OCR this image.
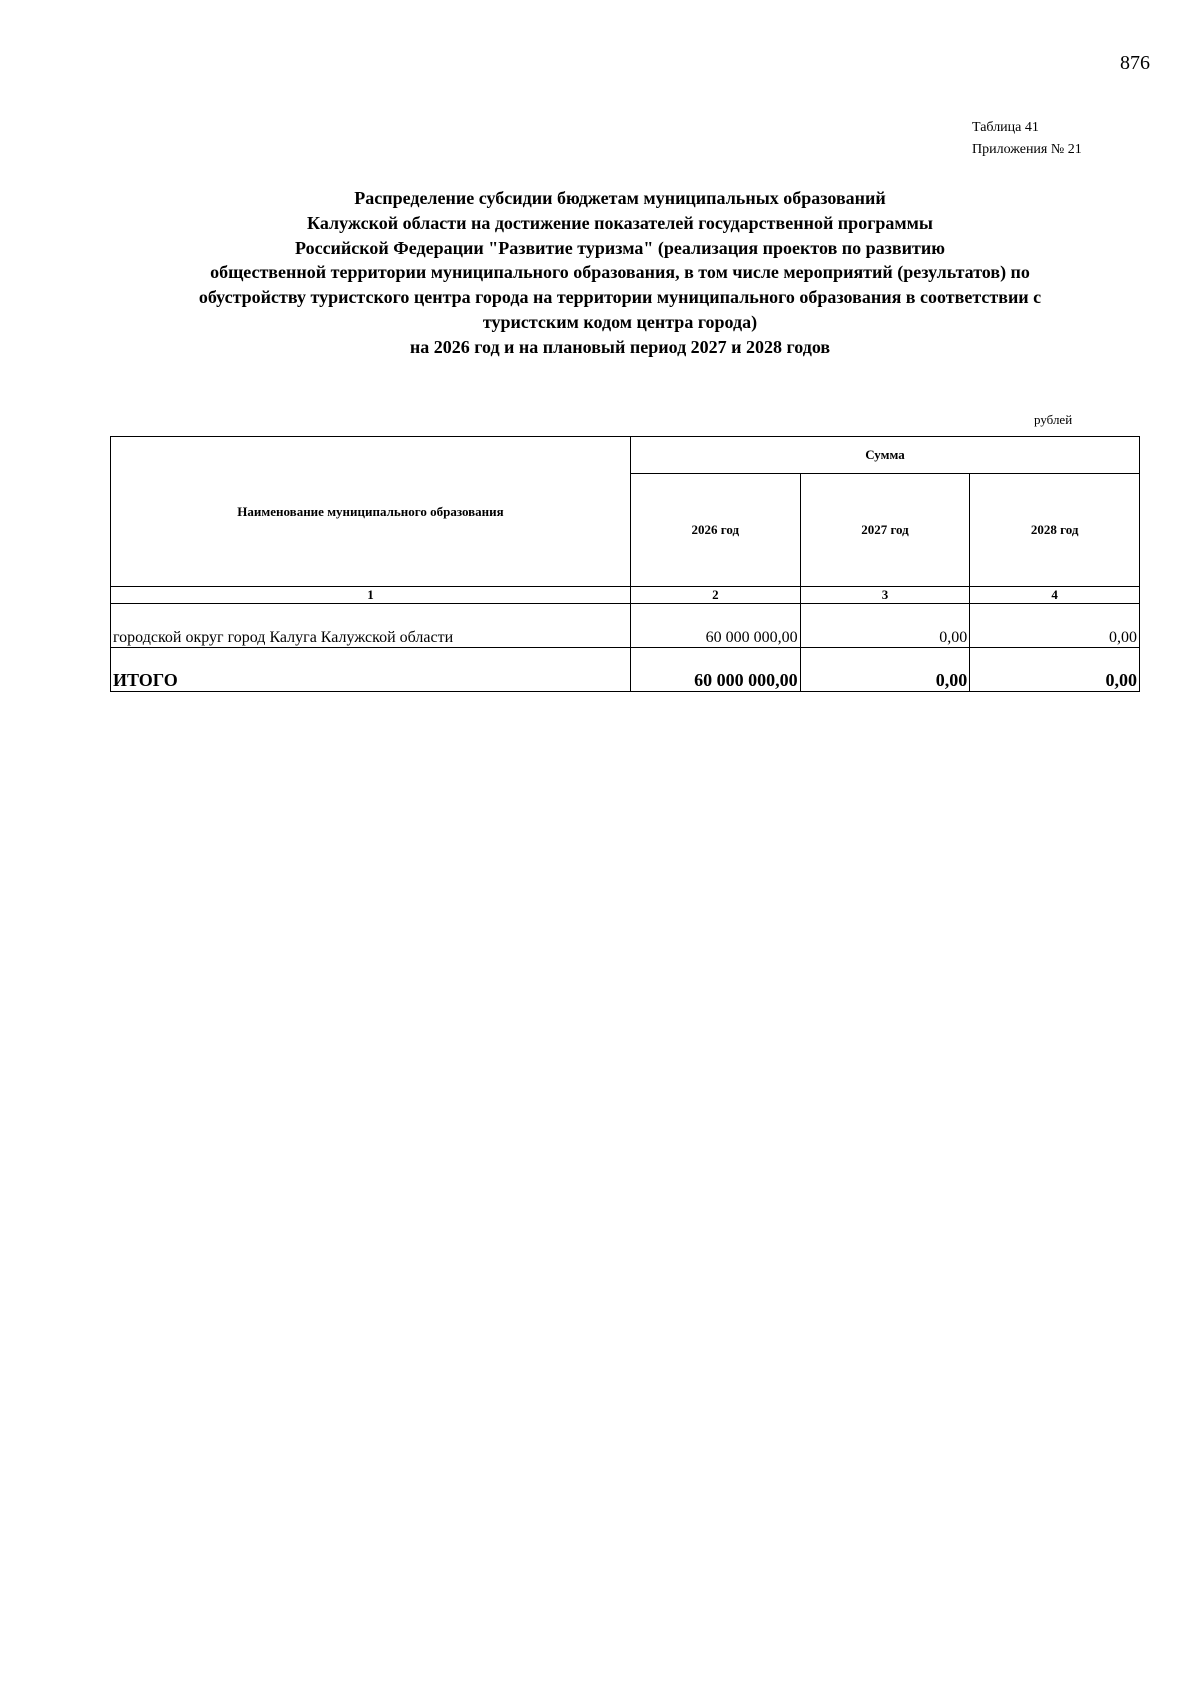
876
Таблица 41
Приложения № 21
Распределение субсидии бюджетам муниципальных образований
Калужской области на достижение показателей государственной программы
Российской Федерации "Развитие туризма" (реализация проектов по развитию
общественной территории муниципального образования, в том числе мероприятий (результатов) по
обустройству туристского центра города на территории муниципального образования в соответствии с
туристским кодом центра города)
на 2026 год и на плановый период 2027 и 2028 годов
рублей
Наименование муниципального образования	Сумма		
	2026 год	2027 год	2028 год
1	2	3	4
городской округ город Калуга Калужской области	60 000 000,00	0,00	0,00
ИТОГО	60 000 000,00	0,00	0,00
